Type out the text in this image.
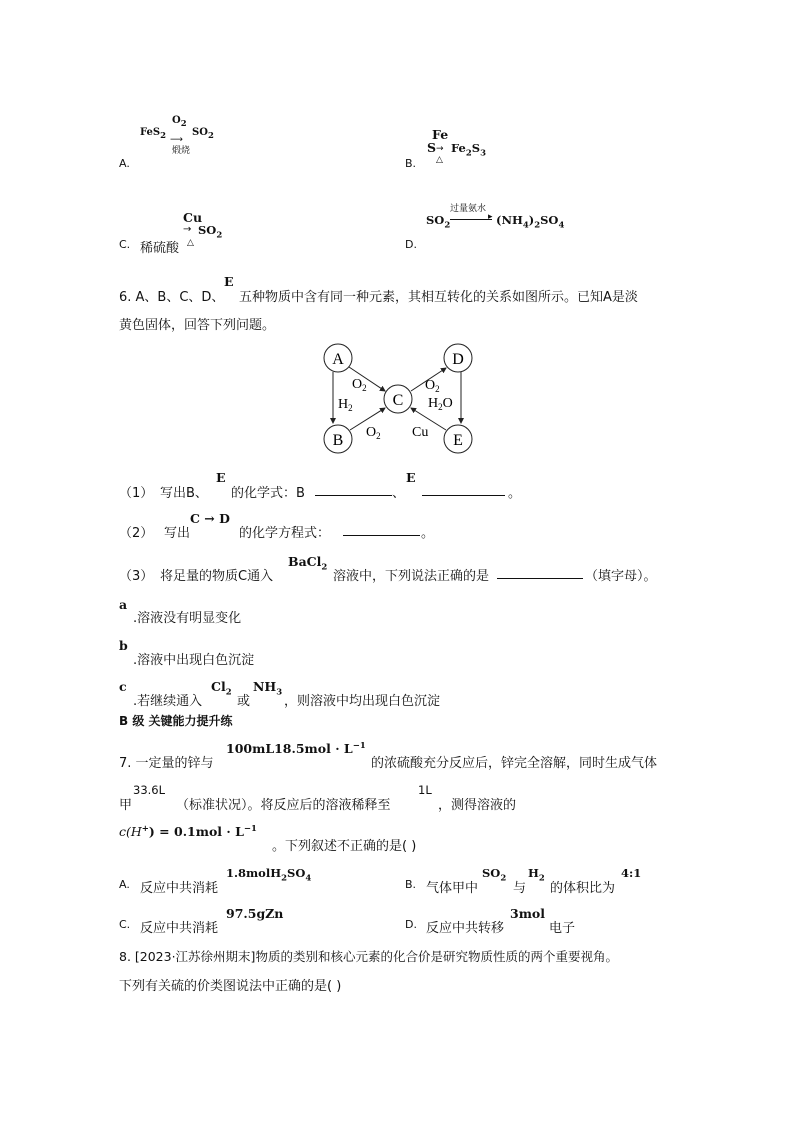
$O_2$
FeS$_2$ ⟶
$SO_2$
煅烧
A.
Fe
$S \to Fe_2S_3$
△
B.
Cu
→ $SO_2$
C. 稀硫酸 △
过量氨水
$SO_2$
▸ $(NH_4)_2SO_4$
D.
6. A、B、C、D、
E
五种物质中含有同一种元素，其相互转化的关系如图所示。已知A是淡
黄色固体，回答下列问题。
A
B
C
D
E
$O_2$
$H_2$
$O_2$
$O_2$
$H_2O$
Cu
（1） 写出B、
E
的化学式：B	、
E
。
（2） 写出
C → D
的化学方程式：	。
（3） 将足量的物质C通入
BaCl$_2$
溶液中，下列说法正确的是	（填字母）。
a
.溶液没有明显变化
b
.溶液中出现白色沉淀
c
.若继续通入
$Cl_2$
或
$NH_3$
，则溶液中均出现白色沉淀
B 级 关键能力提升练
7. 一定量的锌与
$100mL18.5mol \cdot L^{-1}$
的浓硫酸充分反应后，锌完全溶解，同时生成气体
甲
33.6L
（标准状况）。将反应后的溶液稀释至
1L
，测得溶液的
$c(H^+) = 0.1mol \cdot L^{-1}$
。下列叙述不正确的是( )
A. 反应中共消耗
$1.8molH_2SO_4$	B. 气体甲中
$SO_2$
与
$H_2$
的体积比为
4:1
C. 反应中共消耗
97.5gZn
D. 反应中共转移
3mol
电子
8. [2023·江苏徐州期末]物质的类别和核心元素的化合价是研究物质性质的两个重要视角。
下列有关硫的价类图说法中正确的是( )
